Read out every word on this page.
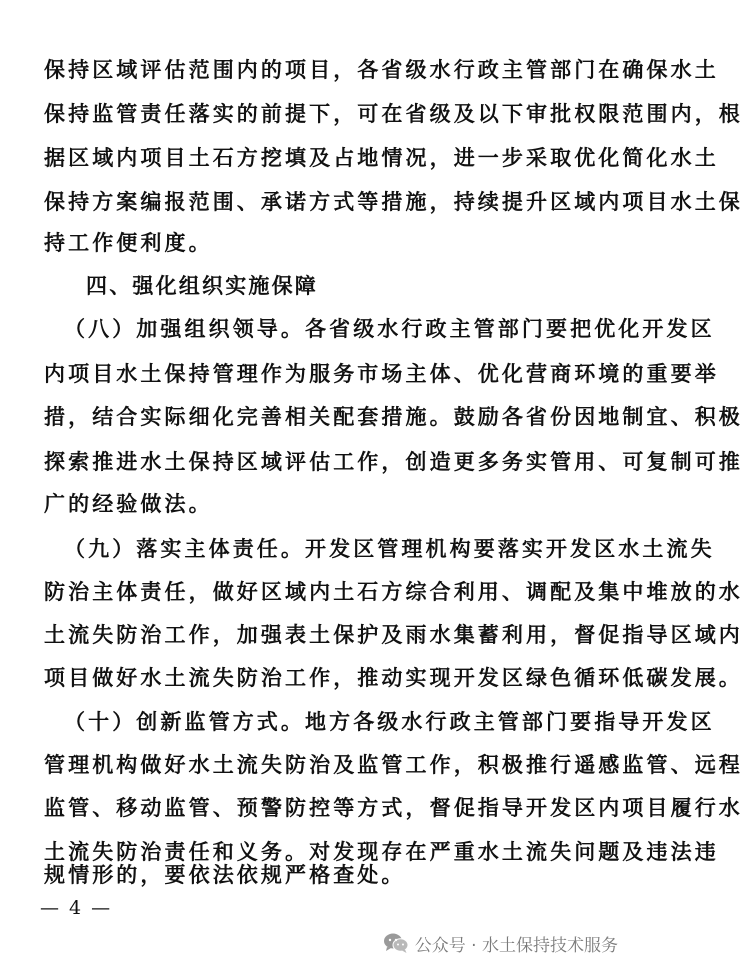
保持区域评估范围内的项目，各省级水行政主管部门在确保水土
保持监管责任落实的前提下，可在省级及以下审批权限范围内，根
据区域内项目土石方挖填及占地情况，进一步采取优化简化水土
保持方案编报范围、承诺方式等措施，持续提升区域内项目水土保
持工作便利度。
四、强化组织实施保障
（八）加强组织领导。各省级水行政主管部门要把优化开发区
内项目水土保持管理作为服务市场主体、优化营商环境的重要举
措，结合实际细化完善相关配套措施。鼓励各省份因地制宜、积极
探索推进水土保持区域评估工作，创造更多务实管用、可复制可推
广的经验做法。
（九）落实主体责任。开发区管理机构要落实开发区水土流失
防治主体责任，做好区域内土石方综合利用、调配及集中堆放的水
土流失防治工作，加强表土保护及雨水集蓄利用，督促指导区域内
项目做好水土流失防治工作，推动实现开发区绿色循环低碳发展。
（十）创新监管方式。地方各级水行政主管部门要指导开发区
管理机构做好水土流失防治及监管工作，积极推行遥感监管、远程
监管、移动监管、预警防控等方式，督促指导开发区内项目履行水
土流失防治责任和义务。对发现存在严重水土流失问题及违法违
规情形的，要依法依规严格查处。
— 4 —
公众号 · 水土保持技术服务
